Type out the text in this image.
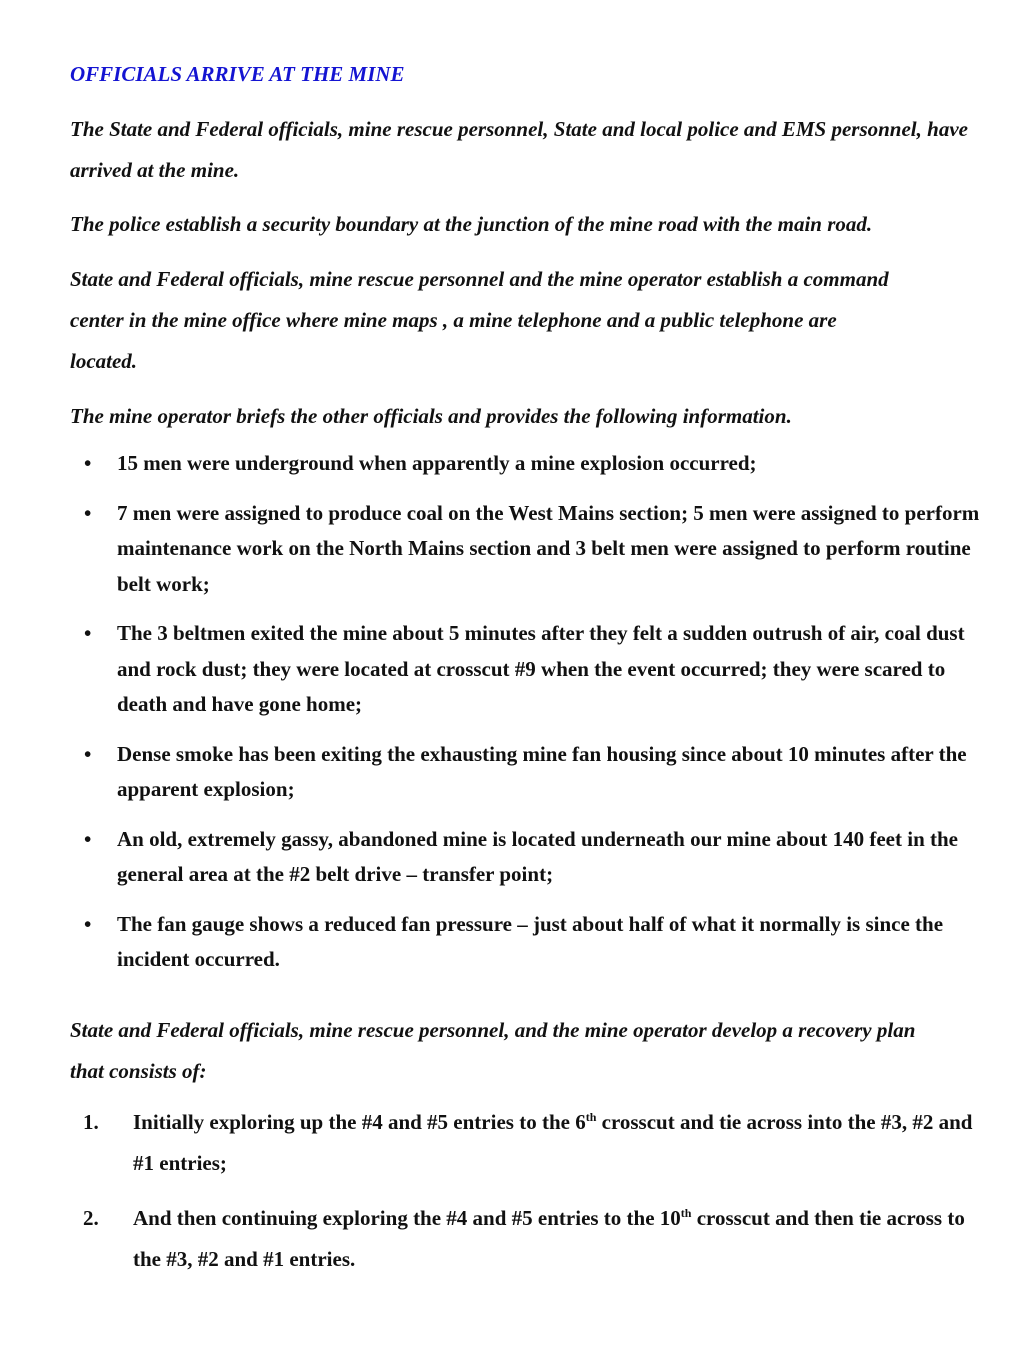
OFFICIALS ARRIVE AT THE MINE

The State and Federal officials, mine rescue personnel, State and local police and EMS personnel, have arrived at the mine.

The police establish a security boundary at the junction of the mine road with the main road.

State and Federal officials, mine rescue personnel and the mine operator establish a command center in the mine office where mine maps , a mine telephone and a public telephone are located.

The mine operator briefs the other officials and provides the following information.

• 15 men were underground when apparently a mine explosion occurred;
• 7 men were assigned to produce coal on the West Mains section; 5 men were assigned to perform maintenance work on the North Mains section and 3 belt men were assigned to perform routine belt work;
• The 3 beltmen exited the mine about 5 minutes after they felt a sudden outrush of air, coal dust and rock dust; they were located at crosscut #9 when the event occurred; they were scared to death and have gone home;
• Dense smoke has been exiting the exhausting mine fan housing since about 10 minutes after the apparent explosion;
• An old, extremely gassy, abandoned mine is located underneath our mine about 140 feet in the general area at the #2 belt drive – transfer point;
• The fan gauge shows a reduced fan pressure – just about half of what it normally is since the incident occurred.

State and Federal officials, mine rescue personnel, and the mine operator develop a recovery plan that consists of:

1. Initially exploring up the #4 and #5 entries to the 6th crosscut and tie across into the #3, #2 and #1 entries;
2. And then continuing exploring the #4 and #5 entries to the 10th crosscut and then tie across to the #3, #2 and #1 entries.
